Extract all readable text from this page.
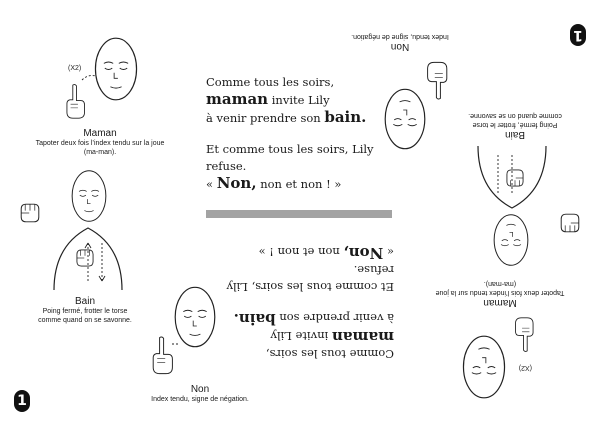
Comme tous les soirs,
maman invite Lily
à venir prendre son bain.

Et comme tous les soirs, Lily refuse.
« Non, non et non ! »

(X2)
Maman
Tapoter deux fois l’index tendu sur la joue
(ma-man).
Bain
Poing fermé, frotter le torse
comme quand on se savonne.
Non
Index tendu, signe de négation.
1

Comme tous les soirs,
maman invite Lily
à venir prendre son bain.

Et comme tous les soirs, Lily refuse.
« Non, non et non ! »

(X2)
Maman
Tapoter deux fois l’index tendu sur la joue
(ma-man).
Bain
Poing fermé, frotter le torse
comme quand on se savonne.
Non
Index tendu, signe de négation.	1
